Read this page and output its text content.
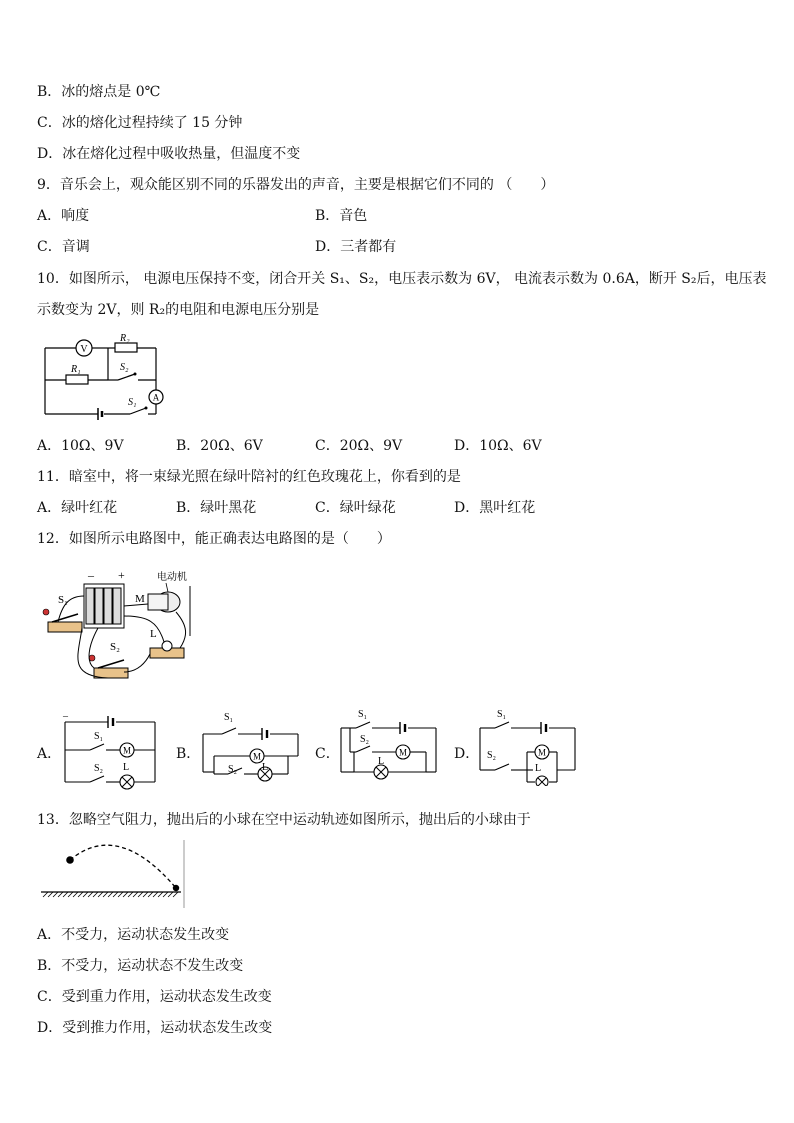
B．冰的熔点是 0℃
C．冰的熔化过程持续了 15 分钟
D．冰在熔化过程中吸收热量，但温度不变
9．音乐会上，观众能区别不同的乐器发出的声音，主要是根据它们不同的 （　　）
A．响度	B．音色
C．音调	D．三者都有
10．如图所示， 电源电压保持不变，闭合开关 S₁、S₂，电压表示数为 6V， 电流表示数为 0.6A，断开 S₂后，电压表
示数变为 2V，则 R₂的电阻和电源电压分别是
V
A
R₂
R₁	S₂
S₁
A．10Ω、9V	B．20Ω、6V	C．20Ω、9V	D．10Ω、6V
11．暗室中，将一束绿光照在绿叶陪衬的红色玫瑰花上，你看到的是
A．绿叶红花	B．绿叶黑花	C．绿叶绿花	D．黑叶红花
12．如图所示电路图中，能正确表达电路图的是（　　）
– +	电动机
M
L
S₁
S₂
A．	B．	C．	D．
M
S₁
S₂ L
–
M
S₁
S₂ L
M
S₁
S₂
L
M
S₁
S₂
L
13．忽略空气阻力，抛出后的小球在空中运动轨迹如图所示，抛出后的小球由于
A．不受力，运动状态发生改变
B．不受力，运动状态不发生改变
C．受到重力作用，运动状态发生改变
D．受到推力作用，运动状态发生改变
